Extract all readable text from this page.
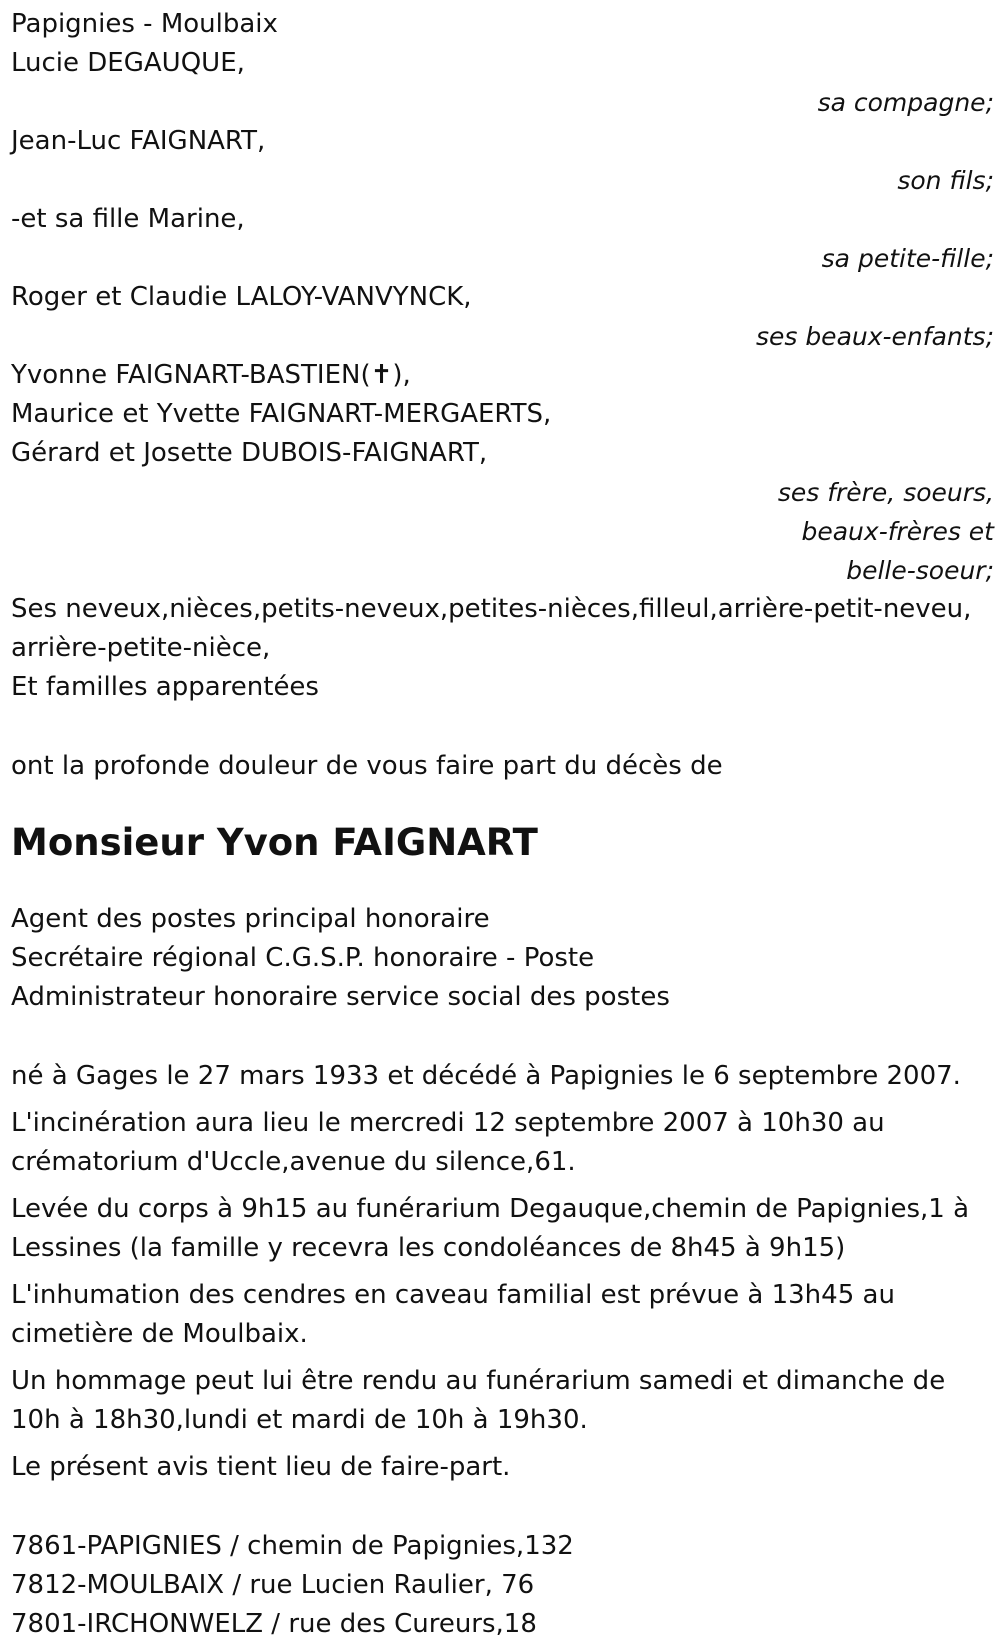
Papignies - Moulbaix

Lucie DEGAUQUE,

sa compagne;

Jean-Luc FAIGNART,

son fils;

-et sa fille Marine,

sa petite-fille;

Roger et Claudie LALOY-VANVYNCK,

ses beaux-enfants;

Yvonne FAIGNART-BASTIEN(✝),

Maurice et Yvette FAIGNART-MERGAERTS,

Gérard et Josette DUBOIS-FAIGNART,

ses frère, soeurs,
beaux-frères et
belle-soeur;

Ses neveux,nièces,petits-neveux,petites-nièces,filleul,arrière-petit-neveu,

arrière-petite-nièce,

Et familles apparentées

ont la profonde douleur de vous faire part du décès de

Monsieur Yvon FAIGNART

Agent des postes principal honoraire

Secrétaire régional C.G.S.P. honoraire - Poste

Administrateur honoraire service social des postes

né à Gages le 27 mars 1933 et décédé à Papignies le 6 septembre 2007.

L'incinération aura lieu le mercredi 12 septembre 2007 à 10h30 au

crématorium d'Uccle,avenue du silence,61.

Levée du corps à 9h15 au funérarium Degauque,chemin de Papignies,1 à

Lessines (la famille y recevra les condoléances de 8h45 à 9h15)

L'inhumation des cendres en caveau familial est prévue à 13h45 au

cimetière de Moulbaix.

Un hommage peut lui être rendu au funérarium samedi et dimanche de

10h à 18h30,lundi et mardi de 10h à 19h30.

Le présent avis tient lieu de faire-part.

7861-PAPIGNIES / chemin de Papignies,132

7812-MOULBAIX / rue Lucien Raulier, 76

7801-IRCHONWELZ / rue des Cureurs,18
